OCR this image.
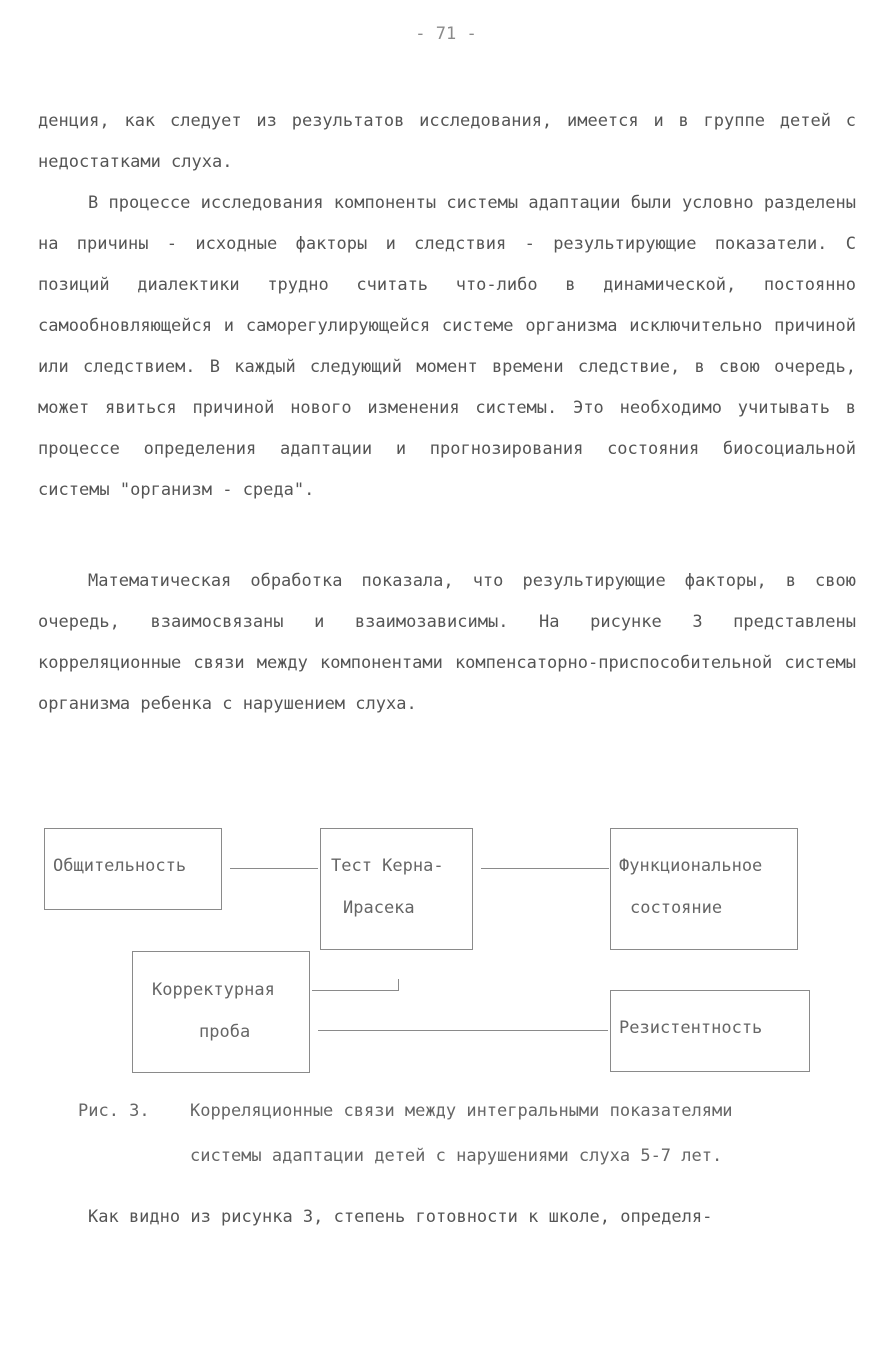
- 71 -

денция, как следует из результатов исследования, имеется и в группе детей с недостатками слуха.

В процессе исследования компоненты системы адаптации были условно разделены на причины - исходные факторы и следствия - результирующие показатели. С позиций диалектики трудно считать что-либо в динамической, постоянно самообновляющейся и саморегулирующейся системе организма исключительно причиной или следствием. В каждый следующий момент времени следствие, в свою очередь, может явиться причиной нового изменения системы. Это необходимо учитывать в процессе определения адаптации и прогнозирования состояния биосоциальной системы "организм - среда".

Математическая обработка показала, что результирующие факторы, в свою очередь, взаимосвязаны и взаимозависимы. На рисунке 3 представлены корреляционные связи между компонентами компенсаторно-приспособительной системы организма ребенка с нарушением слуха.

Общительность	Тест Керна-
Ирасека
Функциональное
состояние
Корректурная
проба	Резистентность

Рис. 3. Корреляционные связи между интегральными показателями

системы адаптации детей с нарушениями слуха 5-7 лет.

Как видно из рисунка 3, степень готовности к школе, определя-
